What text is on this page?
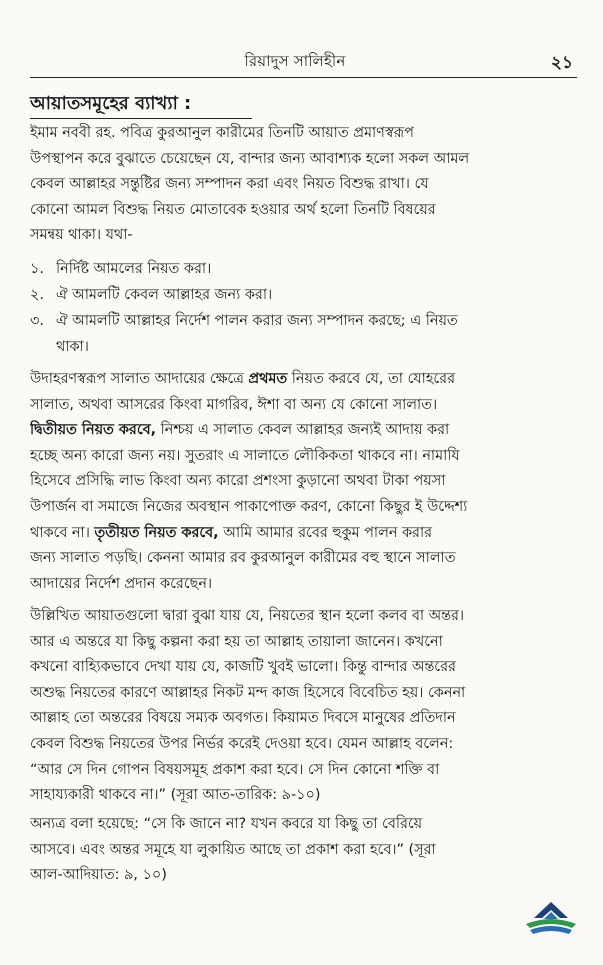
রিয়াদুস সালিহীন	২১
আয়াতসমূহের ব্যাখ্যা :
ইমাম নববী রহ. পবিত্র কুরআনুল কারীমের তিনটি আয়াত প্রমাণস্বরূপ
উপস্থাপন করে বুঝাতে চেয়েছেন যে, বান্দার জন্য আবাশ্যক হলো সকল আমল
কেবল আল্লাহর সন্তুষ্টির জন্য সম্পাদন করা এবং নিয়ত বিশুদ্ধ রাখা। যে
কোনো আমল বিশুদ্ধ নিয়ত মোতাবেক হওয়ার অর্থ হলো তিনটি বিষয়ের
সমন্বয় থাকা। যথা-
১. নির্দিষ্ট আমলের নিয়ত করা।
২. ঐ আমলটি কেবল আল্লাহর জন্য করা।
৩. ঐ আমলটি আল্লাহর নির্দেশ পালন করার জন্য সম্পাদন করছে; এ নিয়ত
থাকা।
উদাহরণস্বরূপ সালাত আদায়ের ক্ষেত্রে প্রথমত নিয়ত করবে যে, তা যোহরের
সালাত, অথবা আসরের কিংবা মাগরিব, ঈশা বা অন্য যে কোনো সালাত।
দ্বিতীয়ত নিয়ত করবে, নিশ্চয় এ সালাত কেবল আল্লাহর জন্যই আদায় করা
হচ্ছে অন্য কারো জন্য নয়। সুতরাং এ সালাতে লৌকিকতা থাকবে না। নামাযি
হিসেবে প্রসিদ্ধি লাভ কিংবা অন্য কারো প্রশংসা কুড়ানো অথবা টাকা পয়সা
উপার্জন বা সমাজে নিজের অবস্থান পাকাপোক্ত করণ, কোনো কিছুর ই উদ্দেশ্য
থাকবে না। তৃতীয়ত নিয়ত করবে, আমি আমার রবের হুকুম পালন করার
জন্য সালাত পড়ছি। কেননা আমার রব কুরআনুল কারীমের বহু স্থানে সালাত
আদায়ের নির্দেশ প্রদান করেছেন।
উল্লিখিত আয়াতগুলো দ্বারা বুঝা যায় যে, নিয়তের স্থান হলো কলব বা অন্তর।
আর এ অন্তরে যা কিছু কল্পনা করা হয় তা আল্লাহ তায়ালা জানেন। কখনো
কখনো বাহ্যিকভাবে দেখা যায় যে, কাজটি খুবই ভালো। কিন্তু বান্দার অন্তরের
অশুদ্ধ নিয়তের কারণে আল্লাহর নিকট মন্দ কাজ হিসেবে বিবেচিত হয়। কেননা
আল্লাহ তো অন্তরের বিষয়ে সম্যক অবগত। কিয়ামত দিবসে মানুষের প্রতিদান
কেবল বিশুদ্ধ নিয়তের উপর নির্ভর করেই দেওয়া হবে। যেমন আল্লাহ বলেন:
“আর সে দিন গোপন বিষয়সমূহ প্রকাশ করা হবে। সে দিন কোনো শক্তি বা
সাহায্যকারী থাকবে না।” (সূরা আত-তারিক: ৯-১০)
অন্যত্র বলা হয়েছে: “সে কি জানে না? যখন কবরে যা কিছু তা বেরিয়ে
আসবে। এবং অন্তর সমূহে যা লুকায়িত আছে তা প্রকাশ করা হবে।” (সূরা
আল-আদিয়াত: ৯, ১০)
